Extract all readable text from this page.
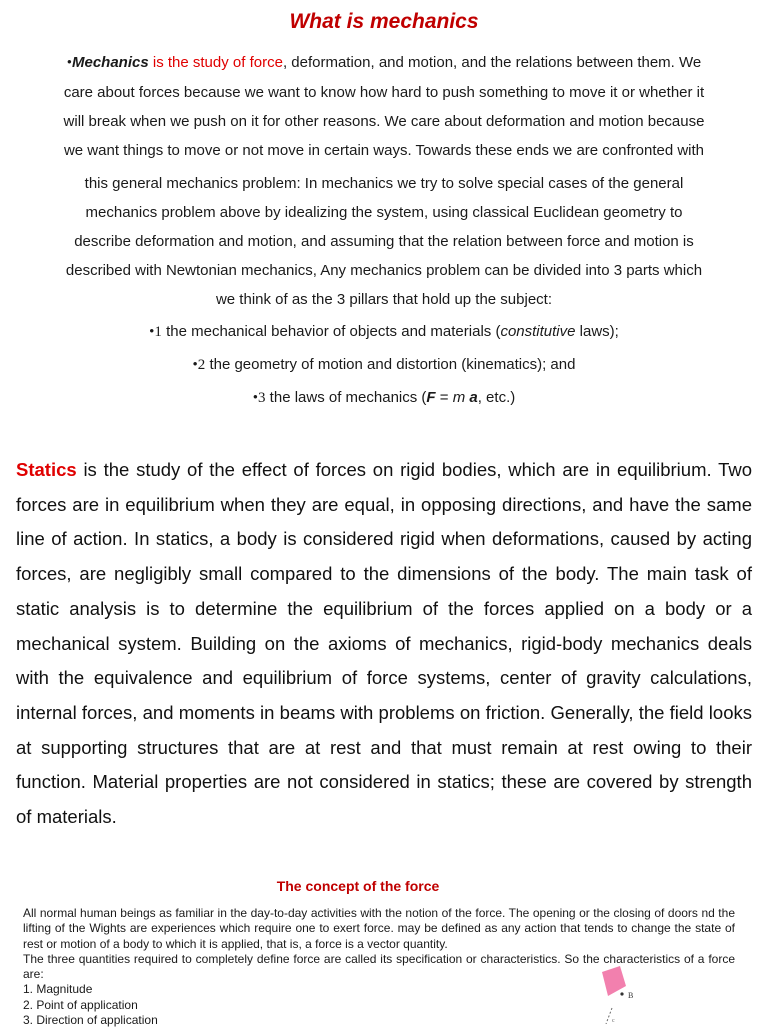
What is mechanics
•Mechanics is the study of force, deformation, and motion, and the relations between them. We
care about forces because we want to know how hard to push something to move it or whether it
will break when we push on it for other reasons. We care about deformation and motion because
we want things to move or not move in certain ways. Towards these ends we are confronted with
this general mechanics problem: In mechanics we try to solve special cases of the general
mechanics problem above by idealizing the system, using classical Euclidean geometry to
describe deformation and motion, and assuming that the relation between force and motion is
described with Newtonian mechanics, Any mechanics problem can be divided into 3 parts which
we think of as the 3 pillars that hold up the subject:
•1 the mechanical behavior of objects and materials (constitutive laws);
•2 the geometry of motion and distortion (kinematics); and
•3 the laws of mechanics (F = m a, etc.)
Statics is the study of the effect of forces on rigid bodies, which are in equilibrium. Two forces are in equilibrium when they are equal, in opposing directions, and have the same line of action. In statics, a body is considered rigid when deformations, caused by acting forces, are negligibly small compared to the dimensions of the body. The main task of static analysis is to determine the equilibrium of the forces applied on a body or a mechanical system. Building on the axioms of mechanics, rigid-body mechanics deals with the equivalence and equilibrium of force systems, center of gravity calculations, internal forces, and moments in beams with problems on friction. Generally, the field looks at supporting structures that are at rest and that must remain at rest owing to their function. Material properties are not considered in statics; these are covered by strength of materials.
The concept of the force

All normal human beings as familiar in the day-to-day activities with the notion of the force. The opening or the closing of doors nd the lifting of the Wights are experiences which require one to exert force. may be defined as any action that tends to change the state of rest or motion of a body to which it is applied, that is, a force is a vector quantity.

The three quantities required to completely define force are called its specification or characteristics. So the characteristics of a force are:

1. Magnitude
2. Point of application
3. Direction of application
B
c
